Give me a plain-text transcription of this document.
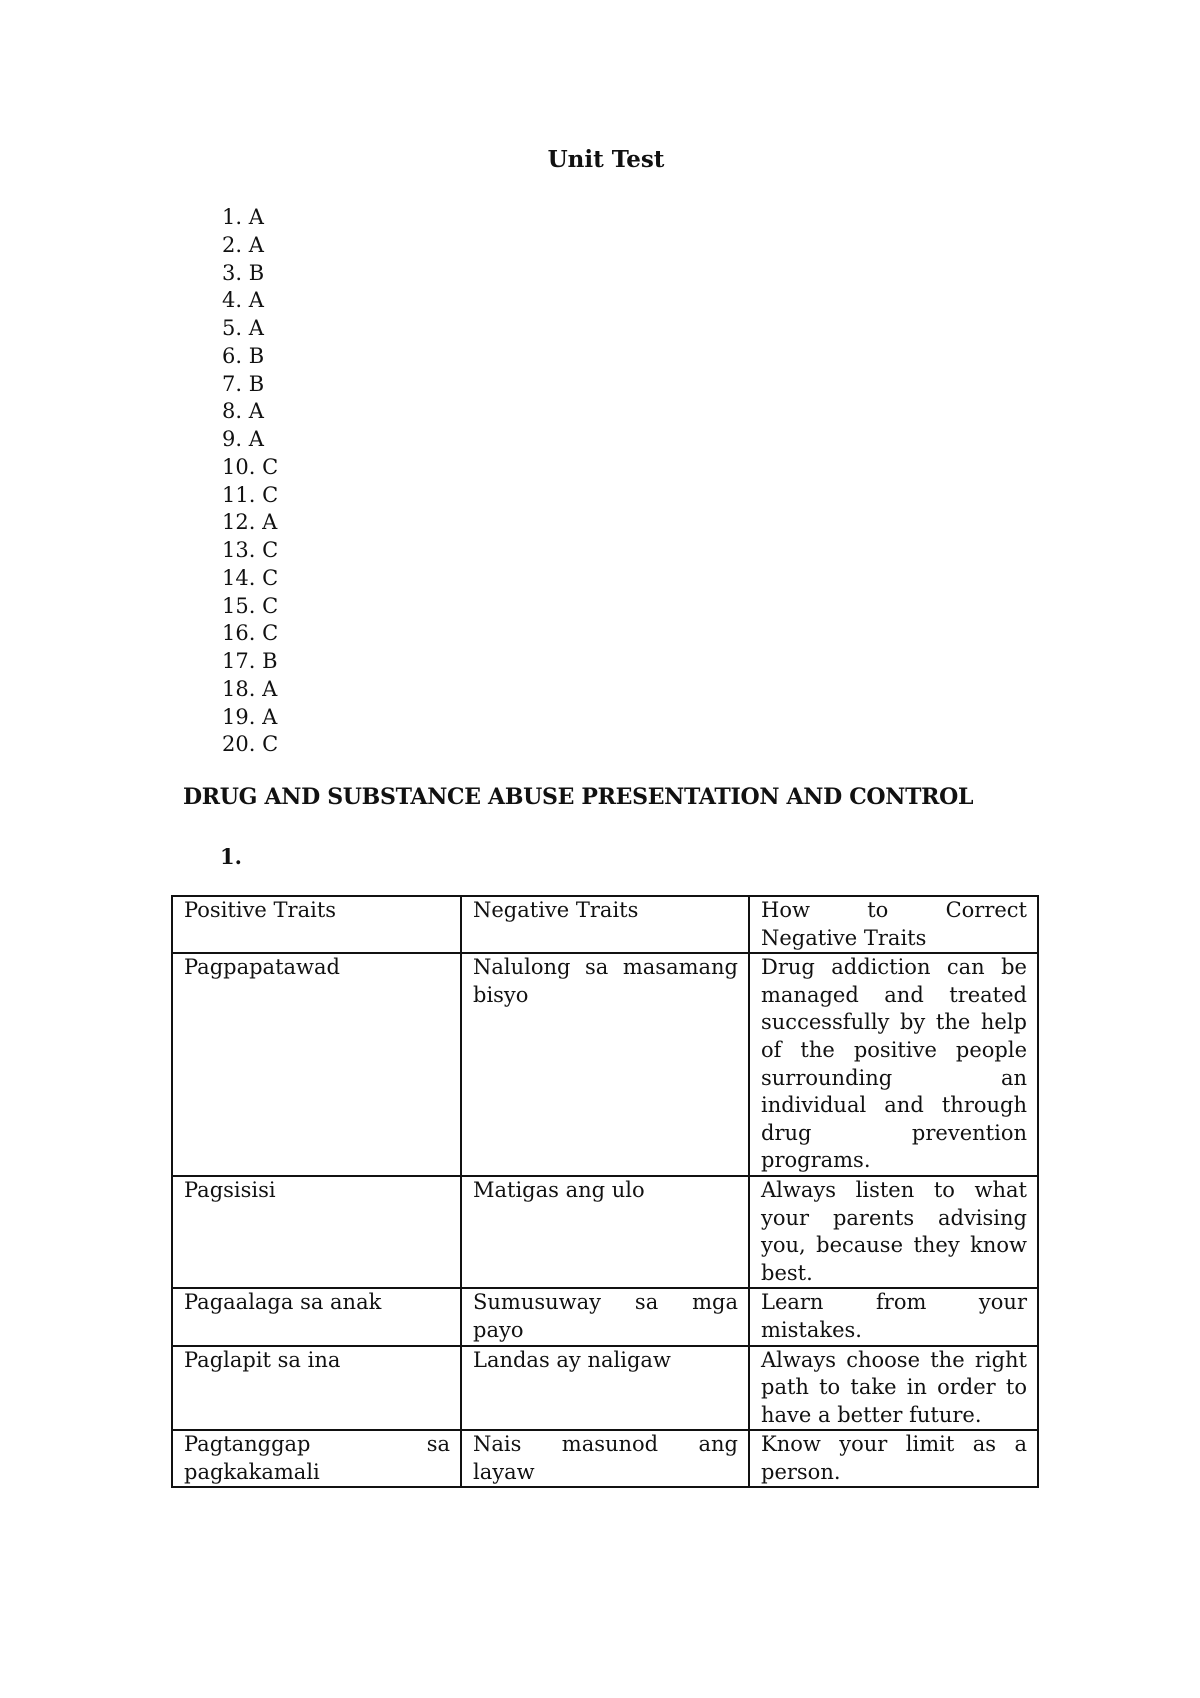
Unit Test
1. A
2. A
3. B
4. A
5. A
6. B
7. B
8. A
9. A
10. C
11. C
12. A
13. C
14. C
15. C
16. C
17. B
18. A
19. A
20. C
DRUG AND SUBSTANCE ABUSE PRESENTATION AND CONTROL
1.
Positive Traits	Negative Traits	How to Correct Negative Traits
Pagpapatawad	Nalulong sa masamang bisyo	Drug addiction can be managed and treated successfully by the help of the positive people surrounding an individual and through drug prevention programs.
Pagsisisi	Matigas ang ulo	Always listen to what your parents advising you, because they know best.
Pagaalaga sa anak	Sumusuway sa mga payo	Learn from your mistakes.
Paglapit sa ina	Landas ay naligaw	Always choose the right path to take in order to have a better future.
Pagtanggap sa pagkakamali	Nais masunod ang layaw	Know your limit as a person.
